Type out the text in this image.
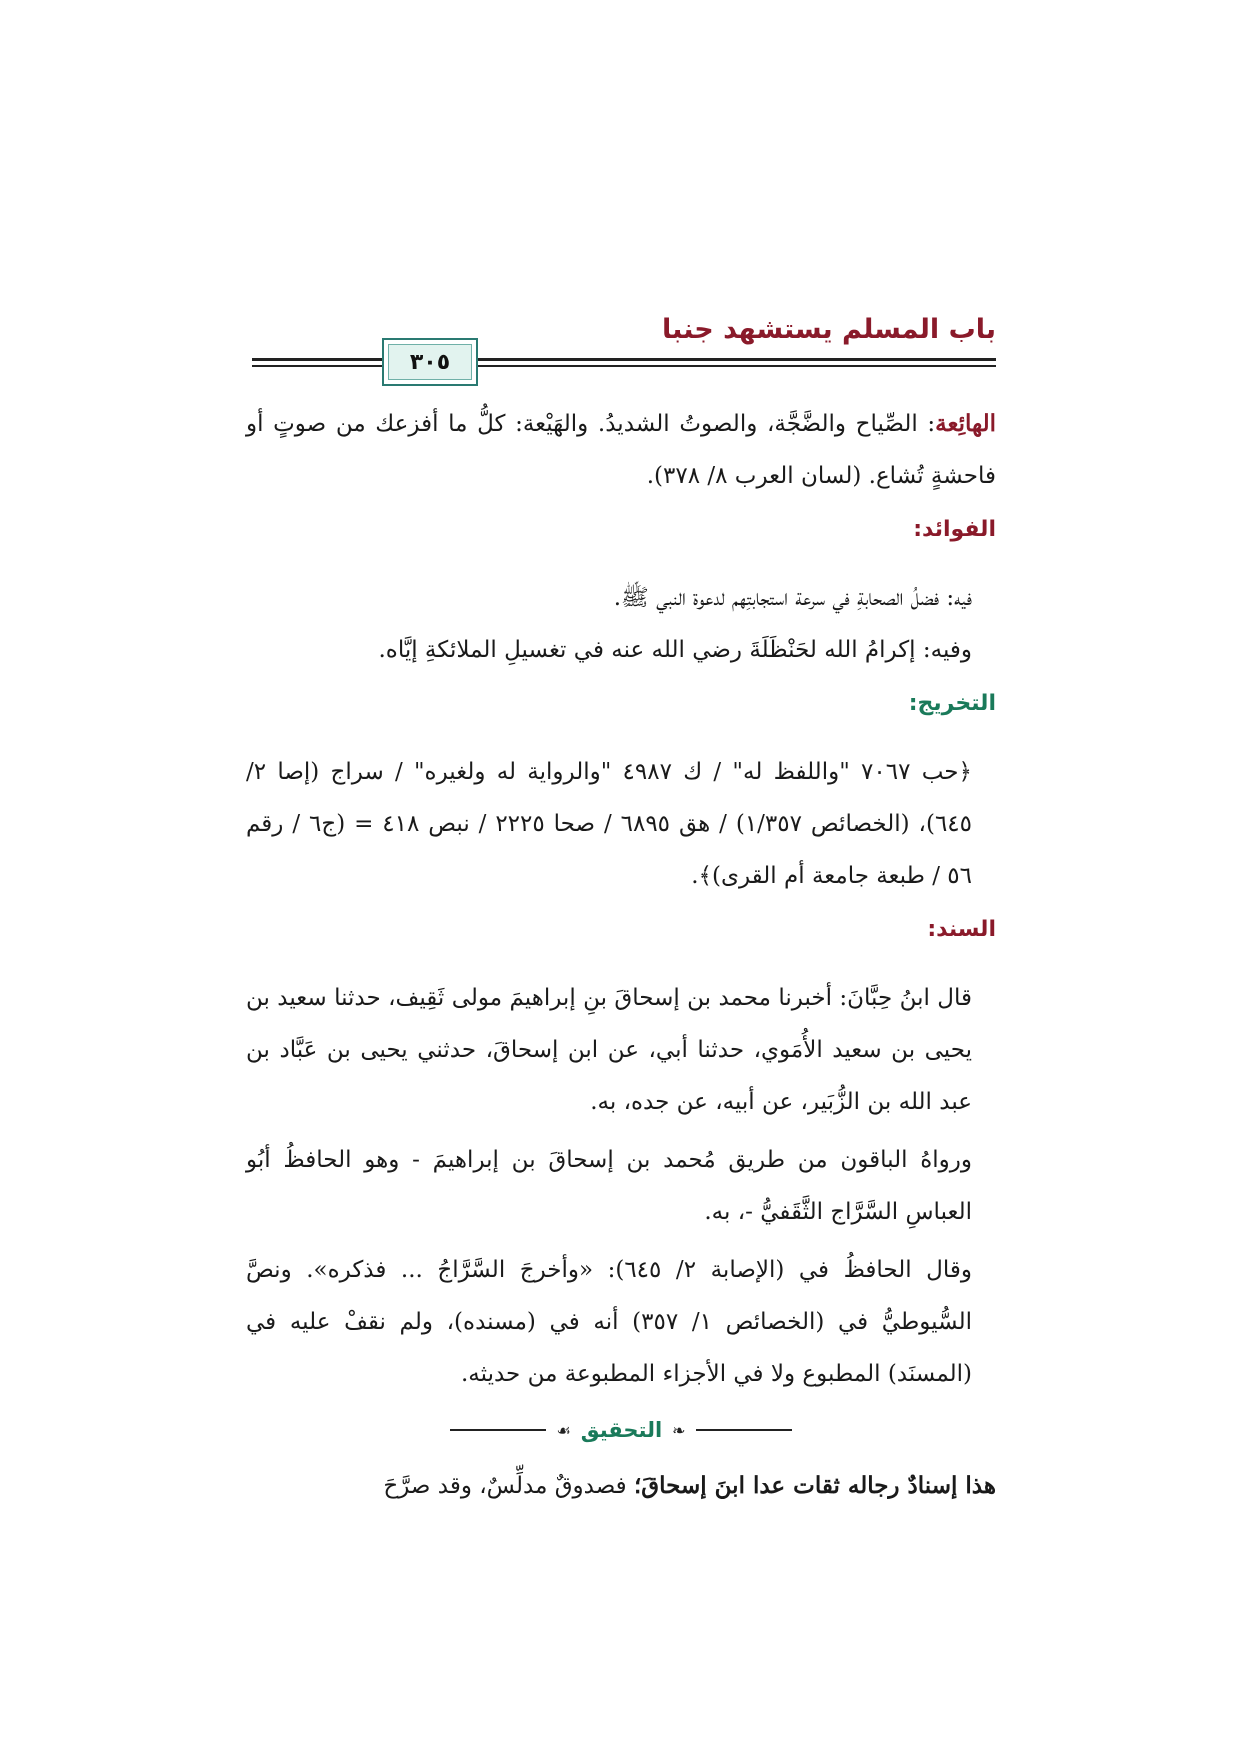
باب المسلم يستشهد جنبا
٣٠٥

الهائِعة: الصِّياح والضَّجَّة، والصوتُ الشديدُ. والهَيْعة: كلُّ ما أفزعك من صوتٍ أو فاحشةٍ تُشاع. (لسان العرب ٨/ ٣٧٨).

الفوائد:

فيه: فضلُ الصحابةِ في سرعة استجابتِهم لدعوة النبي ﷺ.

وفيه: إكرامُ الله لحَنْظَلَةَ رضي الله عنه في تغسيلِ الملائكةِ إيَّاه.

التخريج:

﴿حب ٧٠٦٧ "واللفظ له" / ك ٤٩٨٧ "والرواية له ولغيره" / سراج (إصا ٢/ ٦٤٥)، (الخصائص ١/٣٥٧) / هق ٦٨٩٥ / صحا ٢٢٢٥ / نبص ٤١٨ = (ج٦ / رقم ٥٦ / طبعة جامعة أم القرى)﴾.

السند:

قال ابنُ حِبَّانَ: أخبرنا محمد بن إسحاقَ بنِ إبراهيمَ مولى ثَقِيف، حدثنا سعيد بن يحيى بن سعيد الأُمَوي، حدثنا أبي، عن ابن إسحاقَ، حدثني يحيى بن عَبَّاد بن عبد الله بن الزُّبَير، عن أبيه، عن جده، به.

ورواهُ الباقون من طريق مُحمد بن إسحاقَ بن إبراهيمَ - وهو الحافظُ أبُو العباسِ السَّرَّاج الثَّقَفيُّ -، به.

وقال الحافظُ في (الإصابة ٢/ ٦٤٥): «وأخرجَ السَّرَّاجُ ... فذكره». ونصَّ السُّيوطيُّ في (الخصائص ١/ ٣٥٧) أنه في (مسنده)، ولم نقفْ عليه في (المسنَد) المطبوع ولا في الأجزاء المطبوعة من حديثه.

❧
التحقيق
☙

هذا إسنادٌ رجاله ثقات عدا ابنَ إسحاقَ؛ فصدوقٌ مدلِّسٌ، وقد صرَّحَ
